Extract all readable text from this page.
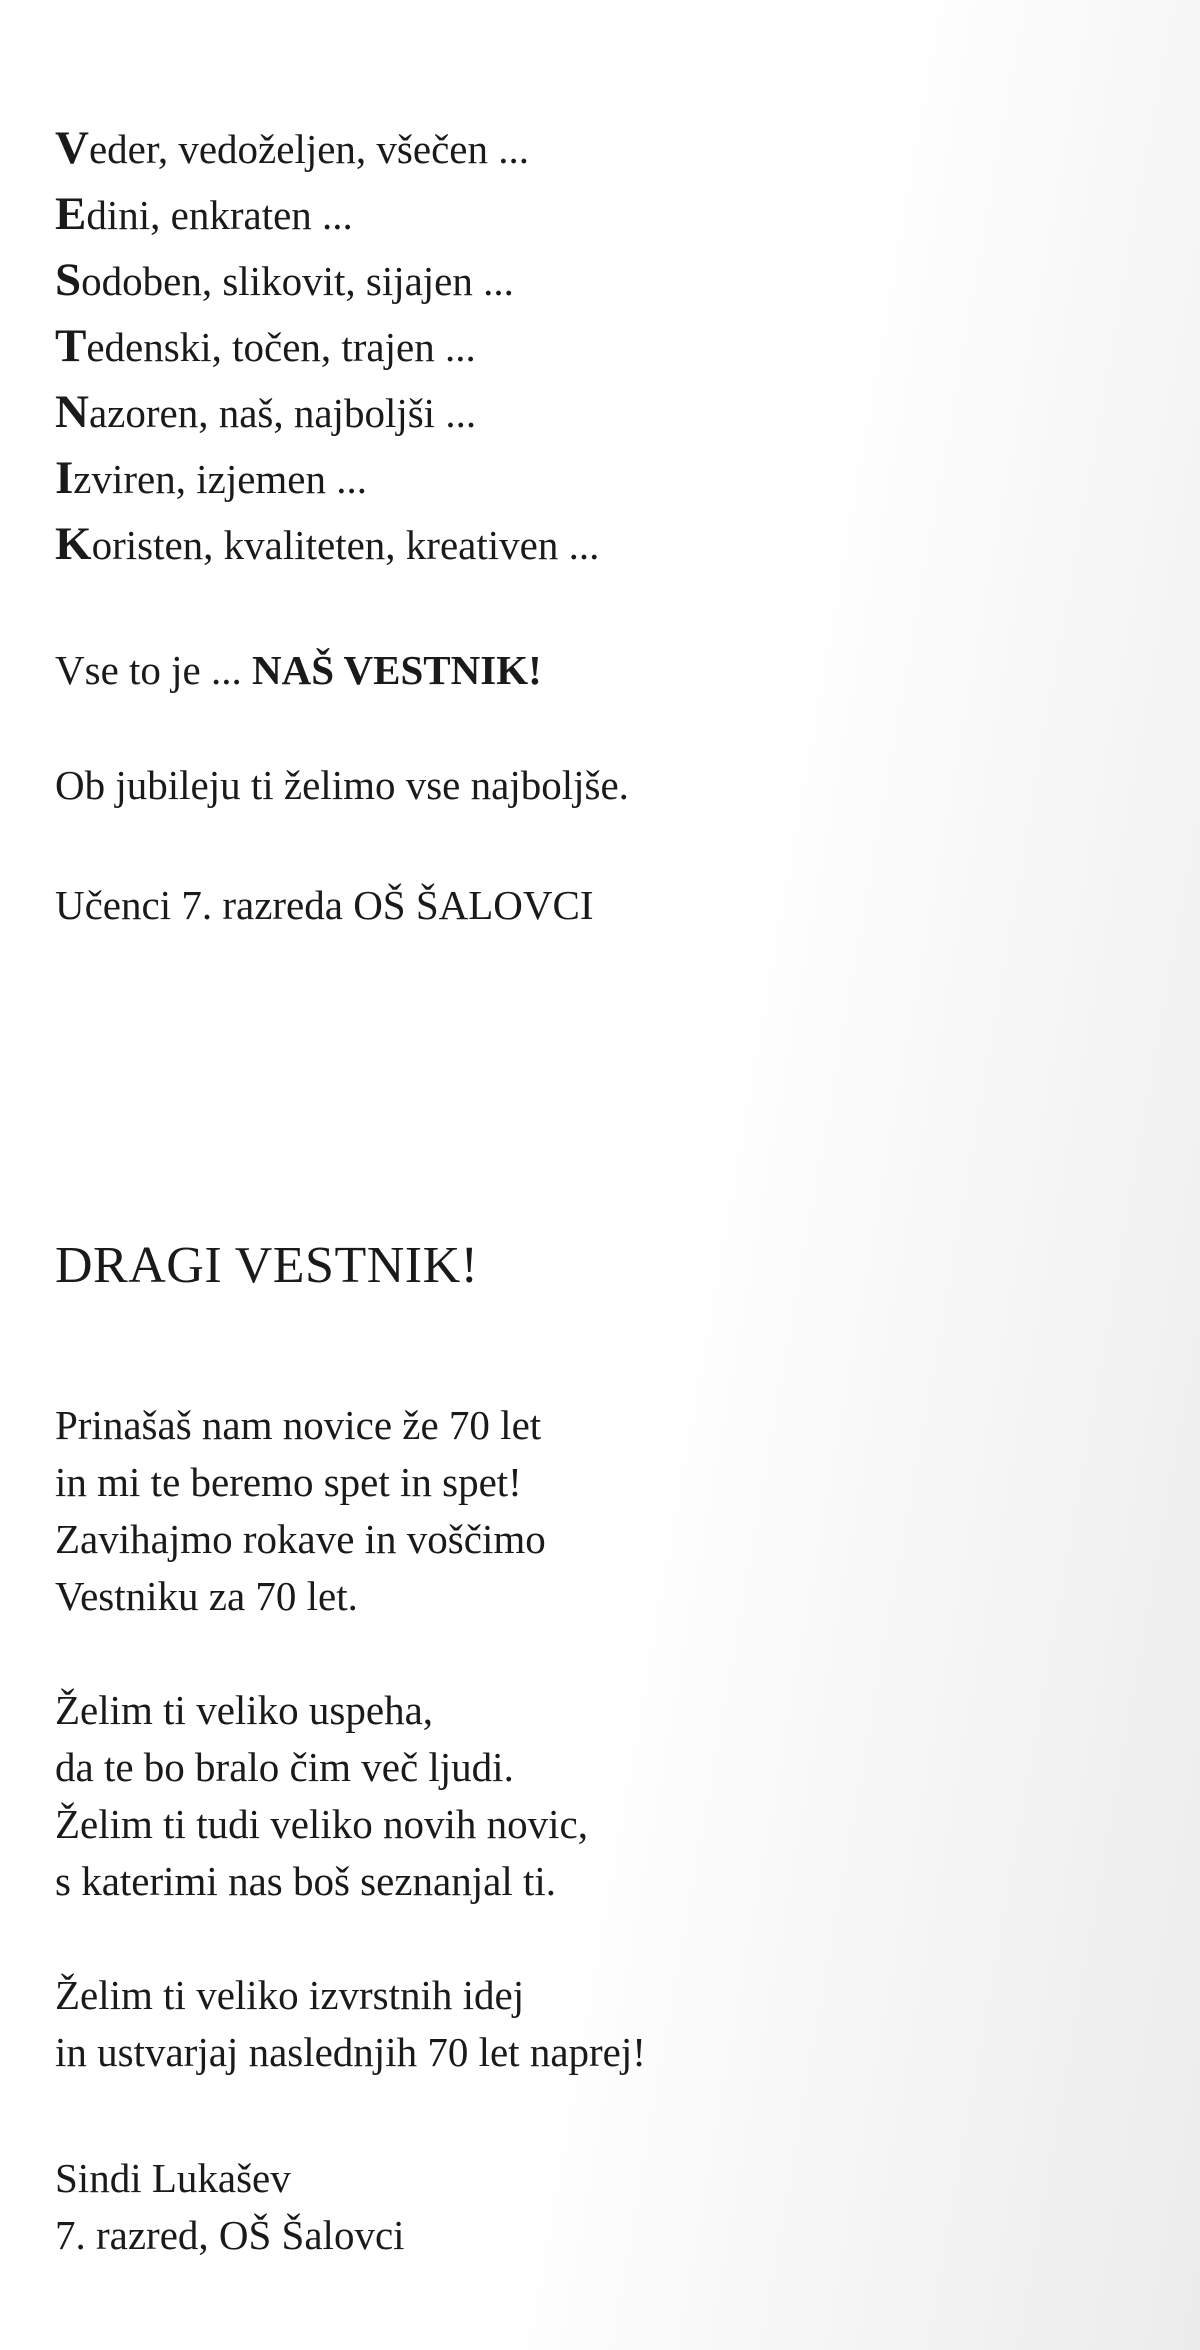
Veder, vedoželjen, všečen ...

Edini, enkraten ...

Sodoben, slikovit, sijajen ...

Tedenski, točen, trajen ...

Nazoren, naš, najboljši ...

Izviren, izjemen ...

Koristen, kvaliteten, kreativen ...

Vse to je ... NAŠ VESTNIK!

Ob jubileju ti želimo vse najboljše.

Učenci 7. razreda OŠ ŠALOVCI

DRAGI VESTNIK!

Prinašaš nam novice že 70 let

in mi te beremo spet in spet!

Zavihajmo rokave in voščimo

Vestniku za 70 let.

Želim ti veliko uspeha,

da te bo bralo čim več ljudi.

Želim ti tudi veliko novih novic,

s katerimi nas boš seznanjal ti.

Želim ti veliko izvrstnih idej

in ustvarjaj naslednjih 70 let naprej!

Sindi Lukašev

7. razred, OŠ Šalovci
